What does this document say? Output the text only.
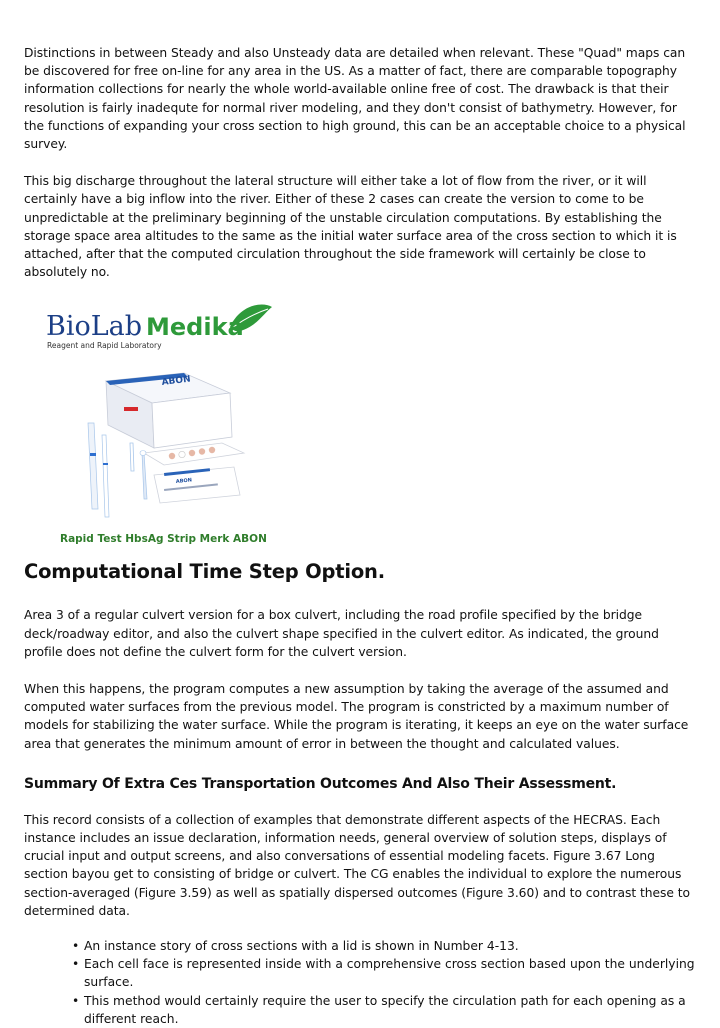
Distinctions in between Steady and also Unsteady data are detailed when relevant. These "Quad" maps can be discovered for free on-line for any area in the US. As a matter of fact, there are comparable topography information collections for nearly the whole world-available online free of cost. The drawback is that their resolution is fairly inadequte for normal river modeling, and they don't consist of bathymetry. However, for the functions of expanding your cross section to high ground, this can be an acceptable choice to a physical survey.

This big discharge throughout the lateral structure will either take a lot of flow from the river, or it will certainly have a big inflow into the river. Either of these 2 cases can create the version to come to be unpredictable at the preliminary beginning of the unstable circulation computations. By establishing the storage space area altitudes to the same as the initial water surface area of the cross section to which it is attached, after that the computed circulation throughout the side framework will certainly be close to absolutely no.

BioLab Medika
Reagent and Rapid Laboratory
ABON
ABON
Rapid Test HbsAg Strip Merk ABON
Computational Time Step Option.

Area 3 of a regular culvert version for a box culvert, including the road profile specified by the bridge deck/roadway editor, and also the culvert shape specified in the culvert editor. As indicated, the ground profile does not define the culvert form for the culvert version.

When this happens, the program computes a new assumption by taking the average of the assumed and computed water surfaces from the previous model. The program is constricted by a maximum number of models for stabilizing the water surface. While the program is iterating, it keeps an eye on the water surface area that generates the minimum amount of error in between the thought and calculated values.

Summary Of Extra Ces Transportation Outcomes And Also Their Assessment.

This record consists of a collection of examples that demonstrate different aspects of the HECRAS. Each instance includes an issue declaration, information needs, general overview of solution steps, displays of crucial input and output screens, and also conversations of essential modeling facets. Figure 3.67 Long section bayou get to consisting of bridge or culvert. The CG enables the individual to explore the numerous section-averaged (Figure 3.59) as well as spatially dispersed outcomes (Figure 3.60) and to contrast these to determined data.

• An instance story of cross sections with a lid is shown in Number 4-13.
• Each cell face is represented inside with a comprehensive cross section based upon the underlying surface.
• This method would certainly require the user to specify the circulation path for each opening as a different reach.
